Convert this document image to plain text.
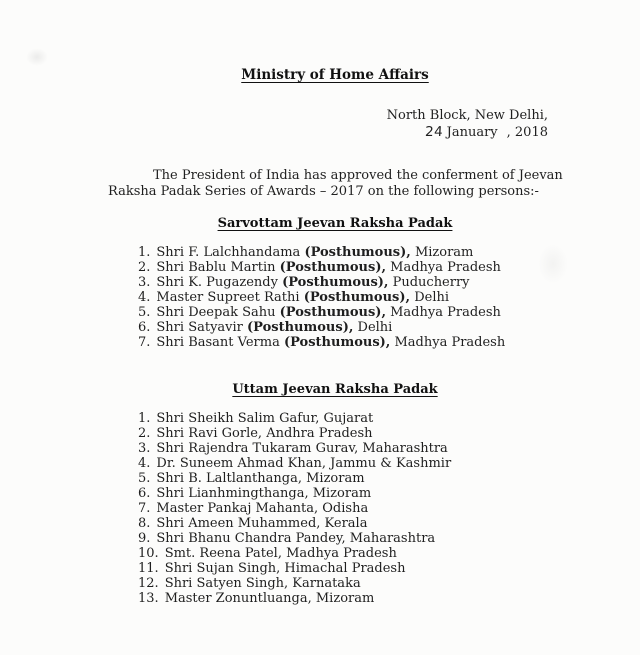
Ministry of Home Affairs
North Block, New Delhi,
24 January , 2018
The President of India has approved the conferment of Jeevan
Raksha Padak Series of Awards – 2017 on the following persons:-
Sarvottam Jeevan Raksha Padak
1. Shri F. Lalchhandama (Posthumous), Mizoram
2. Shri Bablu Martin (Posthumous), Madhya Pradesh
3. Shri K. Pugazendy (Posthumous), Puducherry
4. Master Supreet Rathi (Posthumous), Delhi
5. Shri Deepak Sahu (Posthumous), Madhya Pradesh
6. Shri Satyavir (Posthumous), Delhi
7. Shri Basant Verma (Posthumous), Madhya Pradesh
Uttam Jeevan Raksha Padak
1. Shri Sheikh Salim Gafur, Gujarat
2. Shri Ravi Gorle, Andhra Pradesh
3. Shri Rajendra Tukaram Gurav, Maharashtra
4. Dr. Suneem Ahmad Khan, Jammu & Kashmir
5. Shri B. Laltlanthanga, Mizoram
6. Shri Lianhmingthanga, Mizoram
7. Master Pankaj Mahanta, Odisha
8. Shri Ameen Muhammed, Kerala
9. Shri Bhanu Chandra Pandey, Maharashtra
10. Smt. Reena Patel, Madhya Pradesh
11. Shri Sujan Singh, Himachal Pradesh
12. Shri Satyen Singh, Karnataka
13. Master Zonuntluanga, Mizoram
